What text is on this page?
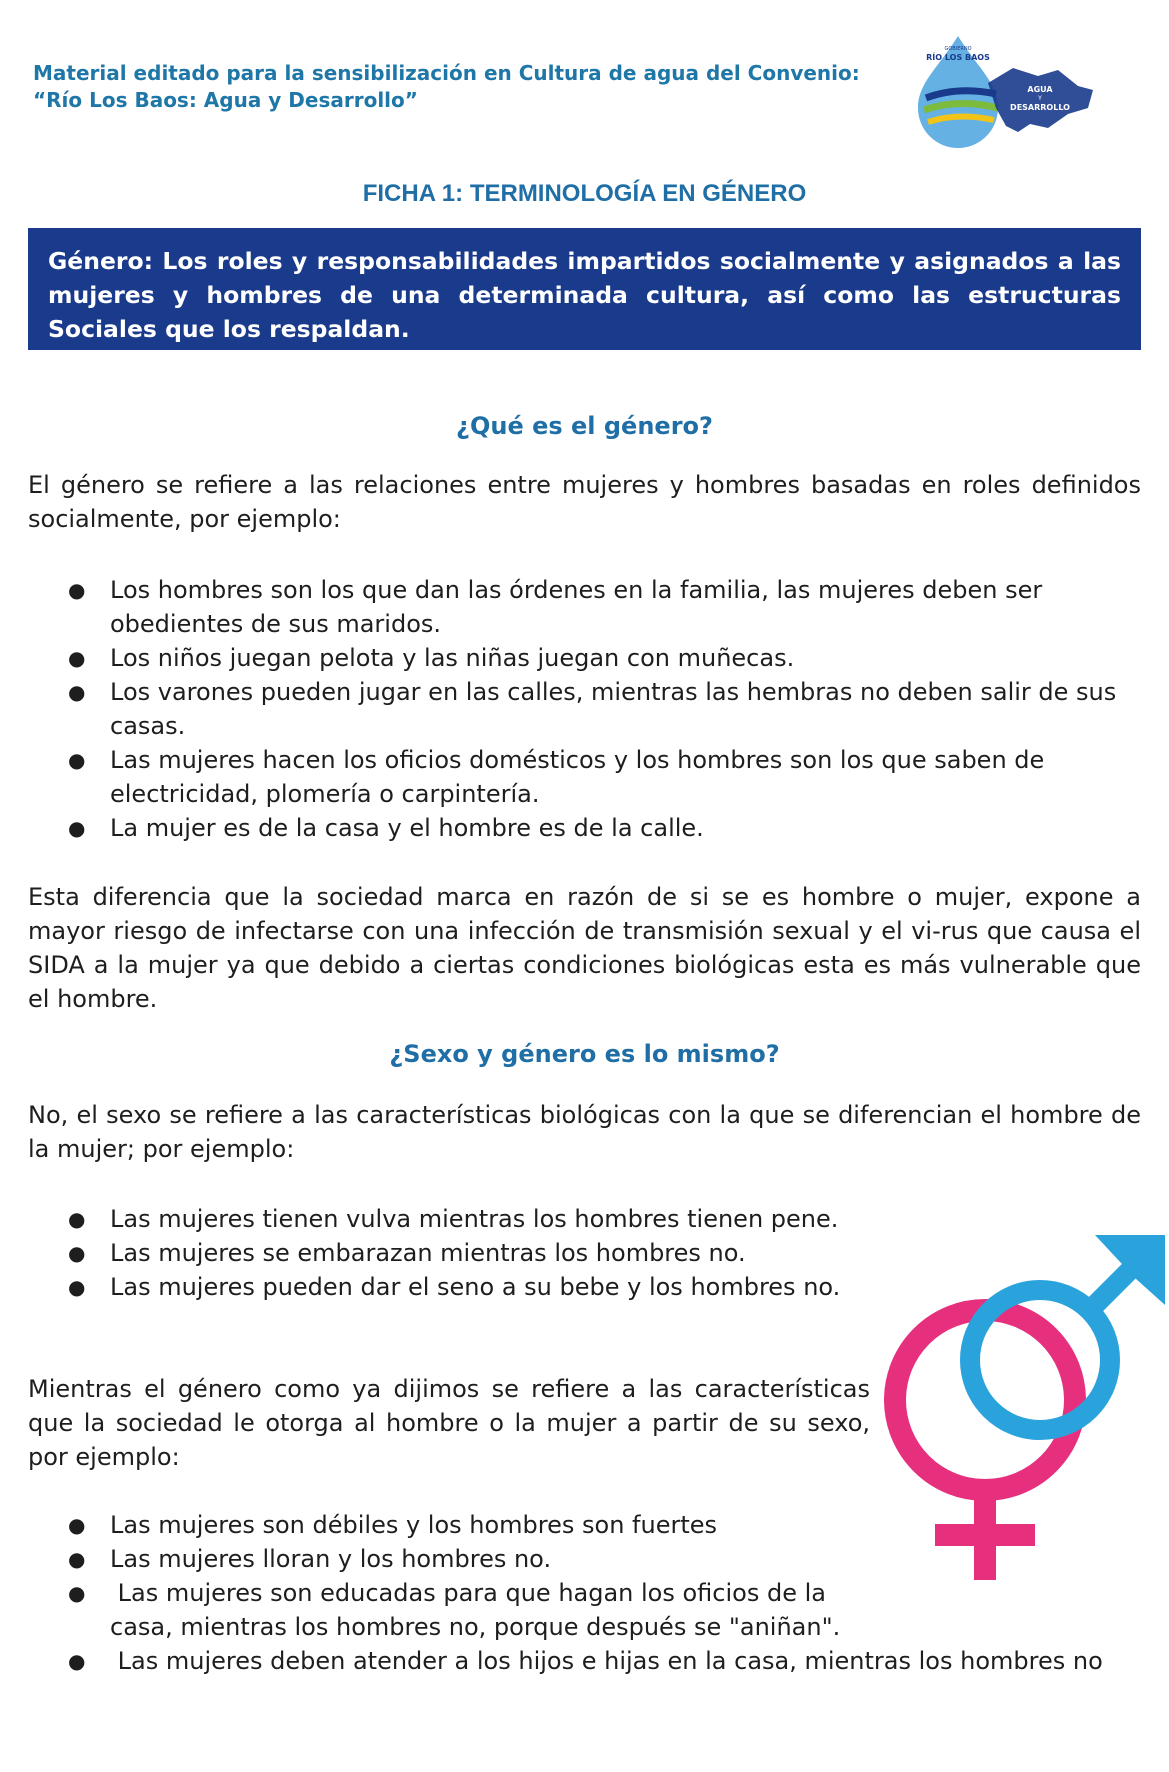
Material editado para la sensibilización en Cultura de agua del Convenio:
“Río Los Baos: Agua y Desarrollo”
GOBIERNO
RÍO LOS BAOS
AGUA
Y
DESARROLLO
FICHA 1: TERMINOLOGÍA EN GÉNERO
Género: Los roles y responsabilidades impartidos socialmente y asignados a las mujeres y hombres de una determinada cultura, así como las estructuras Sociales que los respaldan.
¿Qué es el género?
El género se refiere a las relaciones entre mujeres y hombres basadas en roles definidos socialmente, por ejemplo:
● Los hombres son los que dan las órdenes en la familia, las mujeres deben ser obedientes de sus maridos.
● Los niños juegan pelota y las niñas juegan con muñecas.
● Los varones pueden jugar en las calles, mientras las hembras no deben salir de sus casas.
● Las mujeres hacen los oficios domésticos y los hombres son los que saben de electricidad, plomería o carpintería.
● La mujer es de la casa y el hombre es de la calle.
Esta diferencia que la sociedad marca en razón de si se es hombre o mujer, expone a mayor riesgo de infectarse con una infección de transmisión sexual y el vi-rus que causa el SIDA a la mujer ya que debido a ciertas condiciones biológicas esta es más vulnerable que el hombre.
¿Sexo y género es lo mismo?
No, el sexo se refiere a las características biológicas con la que se diferencian el hombre de la mujer; por ejemplo:
● Las mujeres tienen vulva mientras los hombres tienen pene.
● Las mujeres se embarazan mientras los hombres no.
● Las mujeres pueden dar el seno a su bebe y los hombres no.
Mientras el género como ya dijimos se refiere a las características que la sociedad le otorga al hombre o la mujer a partir de su sexo, por ejemplo:
● Las mujeres son débiles y los hombres son fuertes
● Las mujeres lloran y los hombres no.
● Las mujeres son educadas para que hagan los oficios de la casa, mientras los hombres no, porque después se "aniñan".
● Las mujeres deben atender a los hijos e hijas en la casa, mientras los hombres no
